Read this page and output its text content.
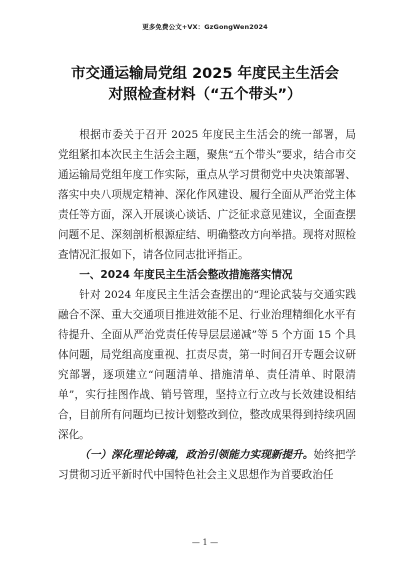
更多免费公文+VX：GzGongWen2024
市交通运输局党组 2025 年度民主生活会
对照检查材料（“五个带头”）

根据市委关于召开 2025 年度民主生活会的统一部署，局党组紧扣本次民主生活会主题，聚焦“五个带头”要求，结合市交通运输局党组年度工作实际，重点从学习贯彻党中央决策部署、落实中央八项规定精神、深化作风建设、履行全面从严治党主体责任等方面，深入开展谈心谈话、广泛征求意见建议，全面查摆问题不足、深刻剖析根源症结、明确整改方向举措。现将对照检查情况汇报如下，请各位同志批评指正。

一、2024 年度民主生活会整改措施落实情况

针对 2024 年度民主生活会查摆出的“理论武装与交通实践融合不深、重大交通项目推进效能不足、行业治理精细化水平有待提升、全面从严治党责任传导层层递减”等 5 个方面 15 个具体问题，局党组高度重视、扛责尽责，第一时间召开专题会议研究部署，逐项建立“问题清单、措施清单、责任清单、时限清单”，实行挂图作战、销号管理，坚持立行立改与长效建设相结合，目前所有问题均已按计划整改到位，整改成果得到持续巩固深化。

（一）深化理论铸魂，政治引领能力实现新提升。始终把学习贯彻习近平新时代中国特色社会主义思想作为首要政治任

— 1 —
